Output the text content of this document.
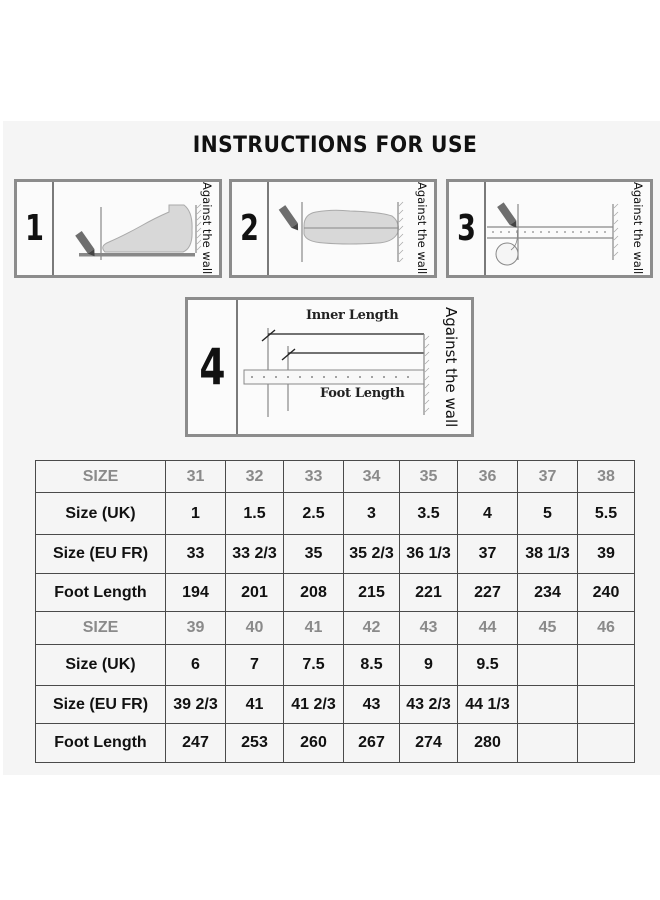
INSTRUCTIONS FOR USE
1	Against the wall 2	Against the wall 3	Against the wall
4
Inner Length
Foot Length Against the wall
SIZE	31	32	33	34	35	36	37	38
Size (UK)	1	1.5	2.5	3	3.5	4	5	5.5
Size (EU FR)	33	33 2/3	35	35 2/3	36 1/3	37	38 1/3	39
Foot Length	194	201	208	215	221	227	234	240
SIZE	39	40	41	42	43	44	45	46
Size (UK)	6	7	7.5	8.5	9	9.5		
Size (EU FR)	39 2/3	41	41 2/3	43	43 2/3	44 1/3		
Foot Length	247	253	260	267	274	280		
